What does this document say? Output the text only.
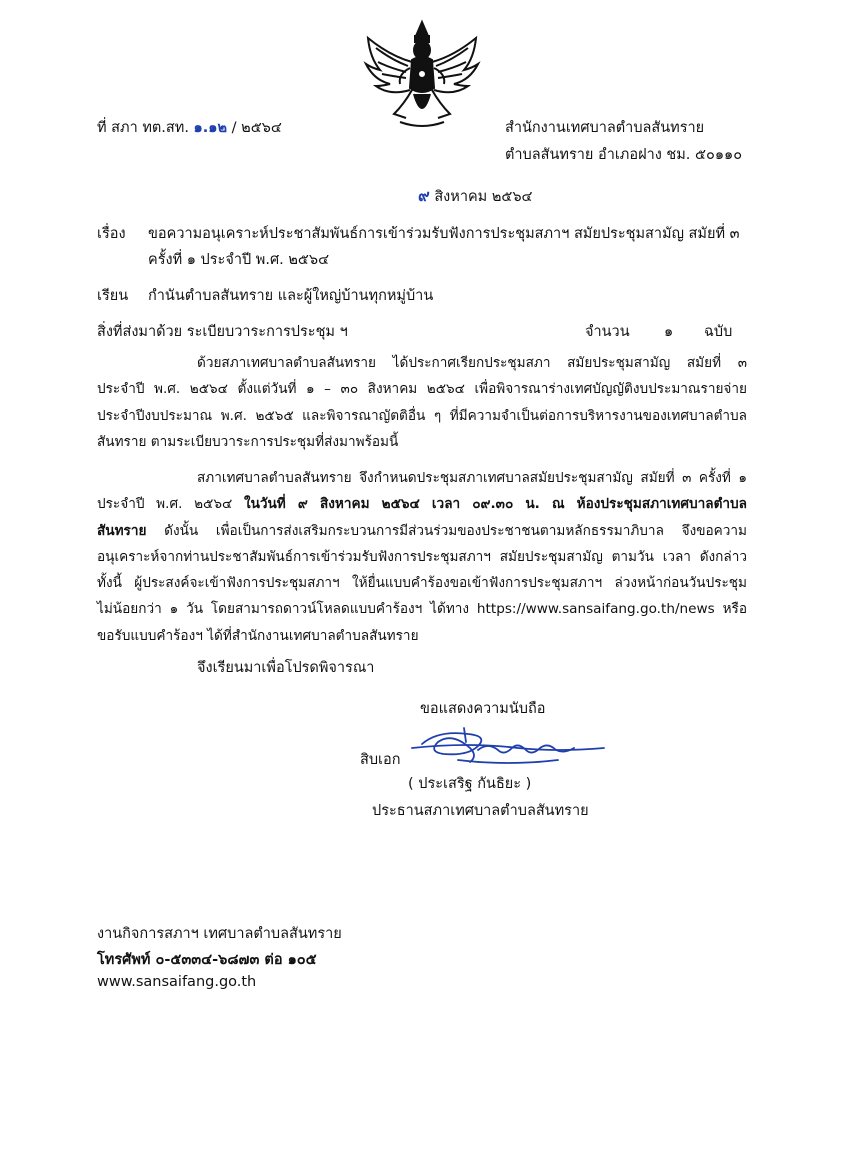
ที่ สภา ทต.สท. ๑.๑๒ / ๒๕๖๔	สำนักงานเทศบาลตำบลสันทราย
ตำบลสันทราย อำเภอฝาง ชม. ๕๐๑๑๐
๙ สิงหาคม ๒๕๖๔
เรื่อง ขอความอนุเคราะห์ประชาสัมพันธ์การเข้าร่วมรับฟังการประชุมสภาฯ สมัยประชุมสามัญ สมัยที่ ๓
ครั้งที่ ๑ ประจำปี พ.ศ. ๒๕๖๔
เรียน กำนันตำบลสันทราย และผู้ใหญ่บ้านทุกหมู่บ้าน
สิ่งที่ส่งมาด้วย ระเบียบวาระการประชุม ฯ	จำนวน ๑ ฉบับ
ด้วยสภาเทศบาลตำบลสันทราย ได้ประกาศเรียกประชุมสภา สมัยประชุมสามัญ สมัยที่ ๓
ประจำปี พ.ศ. ๒๕๖๔ ตั้งแต่วันที่ ๑ – ๓๐ สิงหาคม ๒๕๖๔ เพื่อพิจารณาร่างเทศบัญญัติงบประมาณรายจ่าย
ประจำปีงบประมาณ พ.ศ. ๒๕๖๕ และพิจารณาญัตติอื่น ๆ ที่มีความจำเป็นต่อการบริหารงานของเทศบาลตำบล
สันทราย ตามระเบียบวาระการประชุมที่ส่งมาพร้อมนี้
สภาเทศบาลตำบลสันทราย จึงกำหนดประชุมสภาเทศบาลสมัยประชุมสามัญ สมัยที่ ๓ ครั้งที่ ๑
ประจำปี พ.ศ. ๒๕๖๔ ในวันที่ ๙ สิงหาคม ๒๕๖๔ เวลา ๐๙.๓๐ น. ณ ห้องประชุมสภาเทศบาลตำบล
สันทราย ดังนั้น เพื่อเป็นการส่งเสริมกระบวนการมีส่วนร่วมของประชาชนตามหลักธรรมาภิบาล จึงขอความ
อนุเคราะห์จากท่านประชาสัมพันธ์การเข้าร่วมรับฟังการประชุมสภาฯ สมัยประชุมสามัญ ตามวัน เวลา ดังกล่าว
ทั้งนี้ ผู้ประสงค์จะเข้าฟังการประชุมสภาฯ ให้ยื่นแบบคำร้องขอเข้าฟังการประชุมสภาฯ ล่วงหน้าก่อนวันประชุม
ไม่น้อยกว่า ๑ วัน โดยสามารถดาวน์โหลดแบบคำร้องฯ ได้ทาง https://www.sansaifang.go.th/news หรือ
ขอรับแบบคำร้องฯ ได้ที่สำนักงานเทศบาลตำบลสันทราย
จึงเรียนมาเพื่อโปรดพิจารณา
ขอแสดงความนับถือ
สิบเอก
( ประเสริฐ กันธิยะ )
ประธานสภาเทศบาลตำบลสันทราย
งานกิจการสภาฯ เทศบาลตำบลสันทราย
โทรศัพท์ ๐-๕๓๓๔-๖๘๗๓ ต่อ ๑๐๕
www.sansaifang.go.th
